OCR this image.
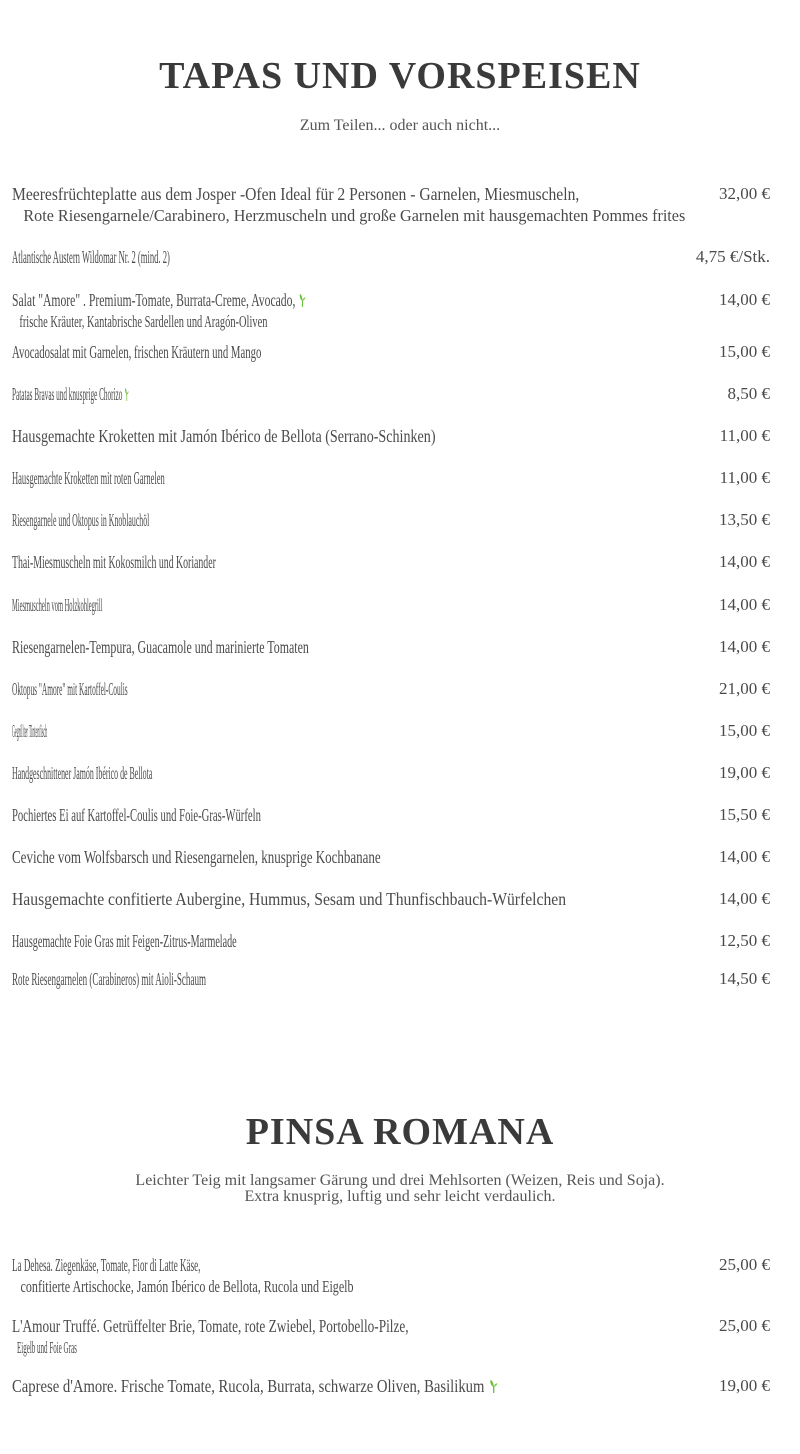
TAPAS UND VORSPEISEN

Zum Teilen... oder auch nicht...

Meeresfrüchteplatte aus dem Josper -Ofen Ideal für 2 Personen - Garnelen, Miesmuscheln,
Rote Riesengarnele/Carabinero, Herzmuscheln und große Garnelen mit hausgemachten Pommes frites
32,00 €
Atlantische Austern Wildomar Nr. 2 (mind. 2)	4,75 €/Stk.
Salat "Amore" . Premium-Tomate, Burrata-Creme, Avocado,
frische Kräuter, Kantabrische Sardellen und Aragón-Oliven
14,00 €
Avocadosalat mit Garnelen, frischen Kräutern und Mango	15,00 €
Patatas Bravas und knusprige Chorizo	8,50 €
Hausgemachte Kroketten mit Jamón Ibérico de Bellota (Serrano-Schinken)	11,00 €
Hausgemachte Kroketten mit roten Garnelen	11,00 €
Riesengarnele und Oktopus in Knoblauchöl	13,50 €
Thai-Miesmuscheln mit Kokosmilch und Koriander	14,00 €
Miesmuscheln vom Holzkohlegrill	14,00 €
Riesengarnelen-Tempura, Guacamole und marinierte Tomaten	14,00 €
Oktopus "Amore" mit Kartoffel-Coulis	21,00 €
Gegrillter Tintenfisch	15,00 €
Handgeschnittener Jamón Ibérico de Bellota	19,00 €
Pochiertes Ei auf Kartoffel-Coulis und Foie-Gras-Würfeln	15,50 €
Ceviche vom Wolfsbarsch und Riesengarnelen, knusprige Kochbanane	14,00 €
Hausgemachte confitierte Aubergine, Hummus, Sesam und Thunfischbauch-Würfelchen	14,00 €
Hausgemachte Foie Gras mit Feigen-Zitrus-Marmelade	12,50 €
Rote Riesengarnelen (Carabineros) mit Aioli-Schaum	14,50 €
PINSA ROMANA

Leichter Teig mit langsamer Gärung und drei Mehlsorten (Weizen, Reis und Soja).
Extra knusprig, luftig und sehr leicht verdaulich.

La Dehesa. Ziegenkäse, Tomate, Fior di Latte Käse,
confitierte Artischocke, Jamón Ibérico de Bellota, Rucola und Eigelb
25,00 €
L'Amour Truffé. Getrüffelter Brie, Tomate, rote Zwiebel, Portobello-Pilze,
Eigelb und Foie Gras
25,00 €
Caprese d'Amore. Frische Tomate, Rucola, Burrata, schwarze Oliven, Basilikum	19,00 €
